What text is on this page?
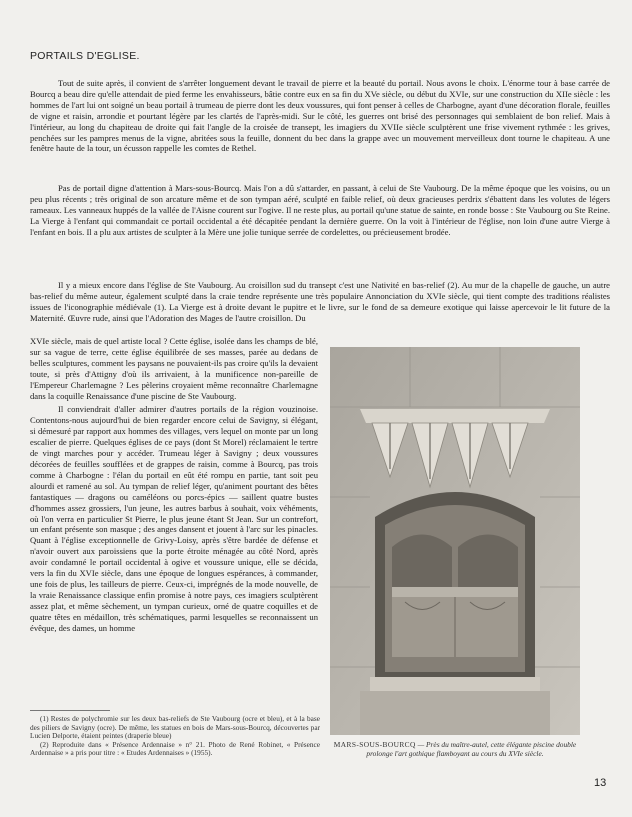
PORTAILS D'EGLISE.

Tout de suite après, il convient de s'arrêter longuement devant le travail de pierre et la beauté du portail. Nous avons le choix. L'énorme tour à base carrée de Bourcq a beau dire qu'elle attendait de pied ferme les envahisseurs, bâtie contre eux en sa fin du XVe siècle, ou début du XVIe, sur une construction du XIIe siècle : les hommes de l'art lui ont soigné un beau portail à trumeau de pierre dont les deux voussures, qui font penser à celles de Charbogne, ayant d'une décoration florale, feuilles de vigne et raisin, arrondie et pourtant légère par les clartés de l'après-midi. Sur le côté, les guerres ont brisé des personnages qui semblaient de bon relief. Mais à l'intérieur, au long du chapiteau de droite qui fait l'angle de la croisée de transept, les imagiers du XVIIe siècle sculptèrent une frise vivement rythmée : les grives, penchées sur les pampres menus de la vigne, abritées sous la feuille, donnent du bec dans la grappe avec un mouvement merveilleux dont tourne le chapiteau. A une fenêtre haute de la tour, un écusson rappelle les comtes de Rethel.

Pas de portail digne d'attention à Mars-sous-Bourcq. Mais l'on a dû s'attarder, en passant, à celui de Ste Vaubourg. De la même époque que les voisins, ou un peu plus récents ; très original de son arcature même et de son tympan aéré, sculpté en faible relief, où deux gracieuses perdrix s'ébattent dans les volutes de légers rameaux. Les vanneaux huppés de la vallée de l'Aisne courent sur l'ogive. Il ne reste plus, au portail qu'une statue de sainte, en ronde bosse : Ste Vaubourg ou Ste Reine. La Vierge à l'enfant qui commandait ce portail occidental a été décapitée pendant la dernière guerre. On la voit à l'intérieur de l'église, non loin d'une autre Vierge à l'enfant en bois. Il a plu aux artistes de sculpter à la Mère une jolie tunique serrée de cordelettes, ou précieusement brodée.

Il y a mieux encore dans l'église de Ste Vaubourg. Au croisillon sud du transept c'est une Nativité en bas-relief (2). Au mur de la chapelle de gauche, un autre bas-relief du même auteur, également sculpté dans la craie tendre représente une très populaire Annonciation du XVIe siècle, qui tient compte des traditions réalistes issues de l'iconographie médiévale (1). La Vierge est à droite devant le pupitre et le livre, sur le fond de sa demeure exotique qui laisse apercevoir le lit future de la Maternité. Œuvre rude, ainsi que l'Adoration des Mages de l'autre croisillon. Du

XVIe siècle, mais de quel artiste local ? Cette église, isolée dans les champs de blé, sur sa vague de terre, cette église équilibrée de ses masses, parée au dedans de belles sculptures, comment les paysans ne pouvaient-ils pas croire qu'ils la devaient toute, si près d'Attigny d'où ils arrivaient, à la munificence non-pareille de l'Empereur Charlemagne ? Les pèlerins croyaient même reconnaître Charlemagne dans la coquille Renaissance d'une piscine de Ste Vaubourg.

Il conviendrait d'aller admirer d'autres portails de la région vouzinoise. Contentons-nous aujourd'hui de bien regarder encore celui de Savigny, si élégant, si démesuré par rapport aux hommes des villages, vers lequel on monte par un long escalier de pierre. Quelques églises de ce pays (dont St Morel) réclamaient le tertre de vingt marches pour y accéder. Trumeau léger à Savigny ; deux voussures décorées de feuilles soufflées et de grappes de raisin, comme à Bourcq, pas trois comme à Charbogne : l'élan du portail en eût été rompu en partie, tant soit peu alourdi et ramené au sol. Au tympan de relief léger, qu'animent pourtant des bêtes fantastiques — dragons ou caméléons ou porcs-épics — saillent quatre bustes d'hommes assez grossiers, l'un jeune, les autres barbus à souhait, voix véhéments, où l'on verra en particulier St Pierre, le plus jeune étant St Jean. Sur un contrefort, un enfant présente son masque ; des anges dansent et jouent à l'arc sur les pinacles. Quant à l'église exceptionnelle de Grivy-Loisy, après s'être bardée de défense et n'avoir ouvert aux paroissiens que la porte étroite ménagée au côté Nord, après avoir condamné le portail occidental à ogive et voussure unique, elle se décida, vers la fin du XVIe siècle, dans une époque de longues espérances, à commander, une fois de plus, les tailleurs de pierre. Ceux-ci, imprégnés de la mode nouvelle, de la vraie Renaissance classique enfin promise à notre pays, ces imagiers sculptèrent assez plat, et même sèchement, un tympan curieux, orné de quatre coquilles et de quatre têtes en médaillon, très schématiques, parmi lesquelles se reconnaissent un évêque, des dames, un homme

MARS-SOUS-BOURCQ — Près du maître-autel, cette élégante piscine double prolonge l'art gothique flamboyant au cours du XVIe siècle.

(1) Restes de polychromie sur les deux bas-reliefs de Ste Vaubourg (ocre et bleu), et à la base des piliers de Savigny (ocre). De même, les statues en bois de Mars-sous-Bourcq, découvertes par Lucien Delporte, étaient peintes (draperie bleue)

(2) Reproduite dans « Présence Ardennaise » n° 21. Photo de René Robinet, « Présence Ardennaise » a pris pour titre : « Etudes Ardennaises » (1955).

13
